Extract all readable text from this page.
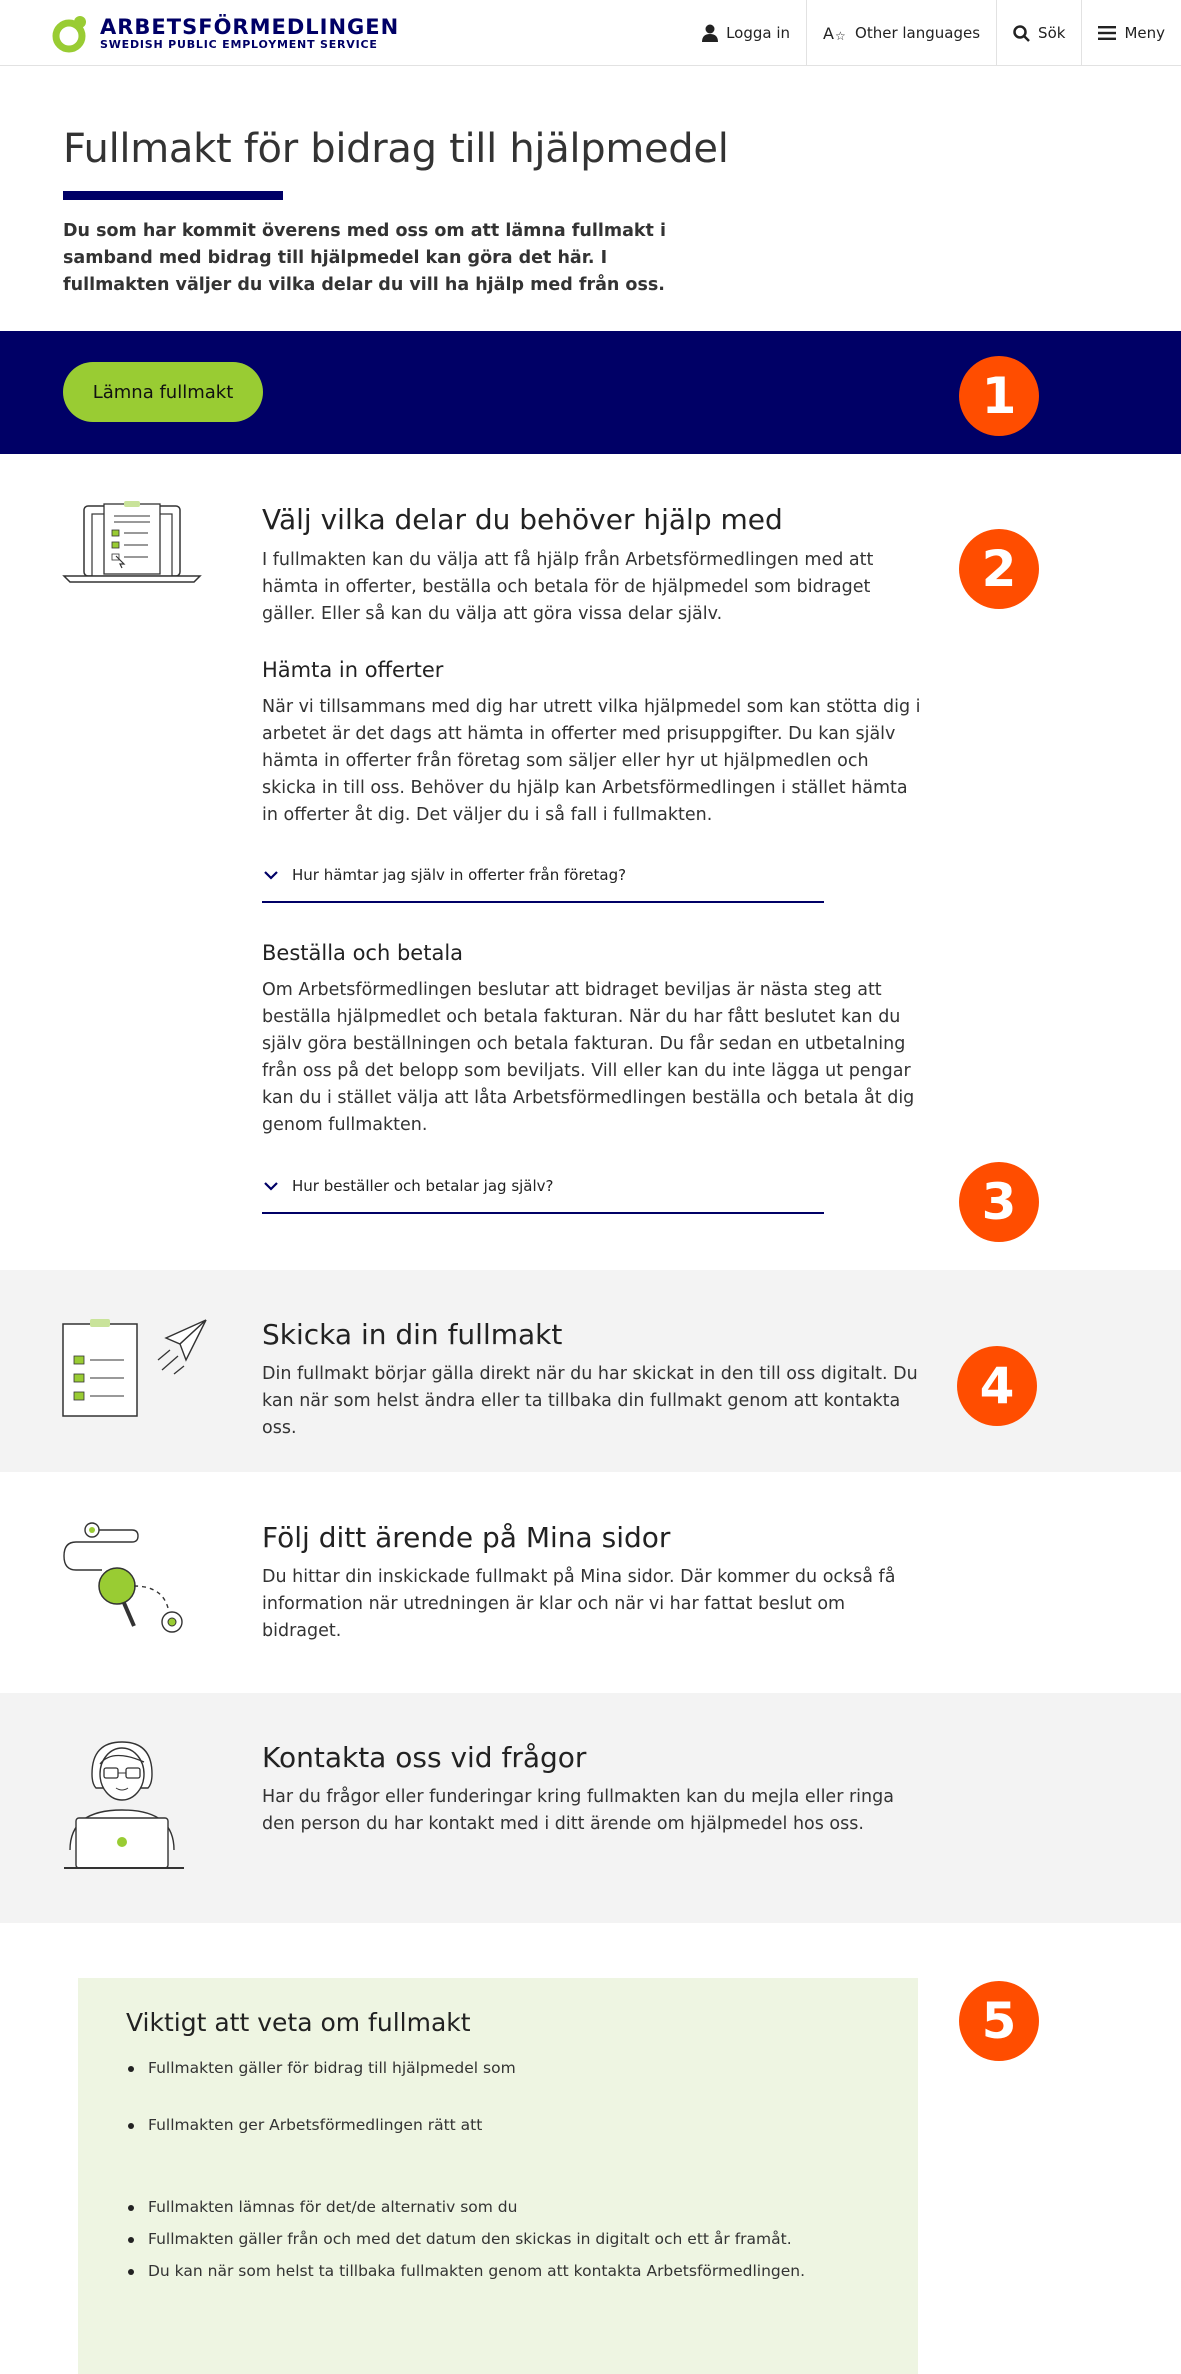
ARBETSFÖRMEDLINGEN
SWEDISH PUBLIC EMPLOYMENT SERVICE
Logga in A ☆ Other languages	Sök	Meny
Fullmakt för bidrag till hjälpmedel

Du som har kommit överens med oss om att lämna fullmakt i samband med bidrag till hjälpmedel kan göra det här. I fullmakten väljer du vilka delar du vill ha hjälp med från oss.

Lämna fullmakt	1
Välj vilka delar du behöver hjälp med

I fullmakten kan du välja att få hjälp från Arbetsförmedlingen med att hämta in offerter, beställa och betala för de hjälpmedel som bidraget gäller. Eller så kan du välja att göra vissa delar själv.

2
Hämta in offerter

När vi tillsammans med dig har utrett vilka hjälpmedel som kan stötta dig i arbetet är det dags att hämta in offerter med prisuppgifter. Du kan själv hämta in offerter från företag som säljer eller hyr ut hjälpmedlen och skicka in till oss. Behöver du hjälp kan Arbetsförmedlingen i stället hämta in offerter åt dig. Det väljer du i så fall i fullmakten.

Hur hämtar jag själv in offerter från företag?
Beställa och betala

Om Arbetsförmedlingen beslutar att bidraget beviljas är nästa steg att beställa hjälpmedlet och betala fakturan. När du har fått beslutet kan du själv göra beställningen och betala fakturan. Du får sedan en utbetalning från oss på det belopp som beviljats. Vill eller kan du inte lägga ut pengar kan du i stället välja att låta Arbetsförmedlingen beställa och betala åt dig genom fullmakten.

Hur beställer och betalar jag själv?	3
Skicka in din fullmakt

Din fullmakt börjar gälla direkt när du har skickat in den till oss digitalt. Du kan när som helst ändra eller ta tillbaka din fullmakt genom att kontakta oss.

4
Följ ditt ärende på Mina sidor

Du hittar din inskickade fullmakt på Mina sidor. Där kommer du också få information när utredningen är klar och när vi har fattat beslut om bidraget.

Kontakta oss vid frågor

Har du frågor eller funderingar kring fullmakten kan du mejla eller ringa den person du har kontakt med i ditt ärende om hjälpmedel hos oss.

Viktigt att veta om fullmakt
Fullmakten gäller för bidrag till hjälpmedel som
Fullmakten ger Arbetsförmedlingen rätt att
Fullmakten lämnas för det/de alternativ som du
Fullmakten gäller från och med det datum den skickas in digitalt och ett år framåt.
Du kan när som helst ta tillbaka fullmakten genom att kontakta Arbetsförmedlingen.
5
